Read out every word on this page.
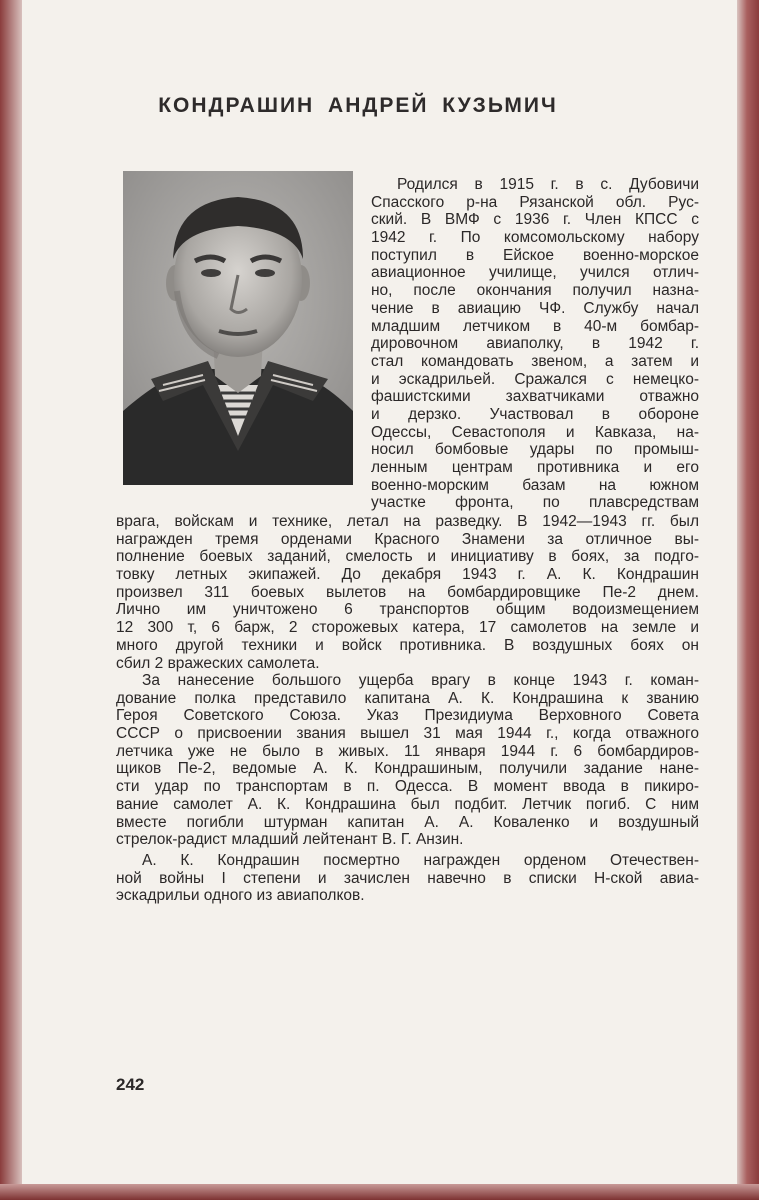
КОНДРАШИН АНДРЕЙ КУЗЬМИЧ
Родился в 1915 г. в с. Дубовичи
Спасского р-на Рязанской обл. Рус-
ский. В ВМФ с 1936 г. Член КПСС с
1942 г. По комсомольскому набору
поступил в Ейское военно-морское
авиационное училище, учился отлич-
но, после окончания получил назна-
чение в авиацию ЧФ. Службу начал
младшим летчиком в 40-м бомбар-
дировочном авиаполку, в 1942 г.
стал командовать звеном, а затем и
и эскадрильей. Сражался с немецко-
фашистскими захватчиками отважно
и дерзко. Участвовал в обороне
Одессы, Севастополя и Кавказа, на-
носил бомбовые удары по промыш-
ленным центрам противника и его
военно-морским базам на южном
участке фронта, по плавсредствам
врага, войскам и технике, летал на разведку. В 1942—1943 гг. был
награжден тремя орденами Красного Знамени за отличное вы-
полнение боевых заданий, смелость и инициативу в боях, за подго-
товку летных экипажей. До декабря 1943 г. А. К. Кондрашин
произвел 311 боевых вылетов на бомбардировщике Пе-2 днем.
Лично им уничтожено 6 транспортов общим водоизмещением
12 300 т, 6 барж, 2 сторожевых катера, 17 самолетов на земле и
много другой техники и войск противника. В воздушных боях он
сбил 2 вражеских самолета.
За нанесение большого ущерба врагу в конце 1943 г. коман-
дование полка представило капитана А. К. Кондрашина к званию
Героя Советского Союза. Указ Президиума Верховного Совета
СССР о присвоении звания вышел 31 мая 1944 г., когда отважного
летчика уже не было в живых. 11 января 1944 г. 6 бомбардиров-
щиков Пе-2, ведомые А. К. Кондрашиным, получили задание нане-
сти удар по транспортам в п. Одесса. В момент ввода в пикиро-
вание самолет А. К. Кондрашина был подбит. Летчик погиб. С ним
вместе погибли штурман капитан А. А. Коваленко и воздушный
стрелок-радист младший лейтенант В. Г. Анзин.
А. К. Кондрашин посмертно награжден орденом Отечествен-
ной войны I степени и зачислен навечно в списки Н-ской авиа-
эскадрильи одного из авиаполков.
242
